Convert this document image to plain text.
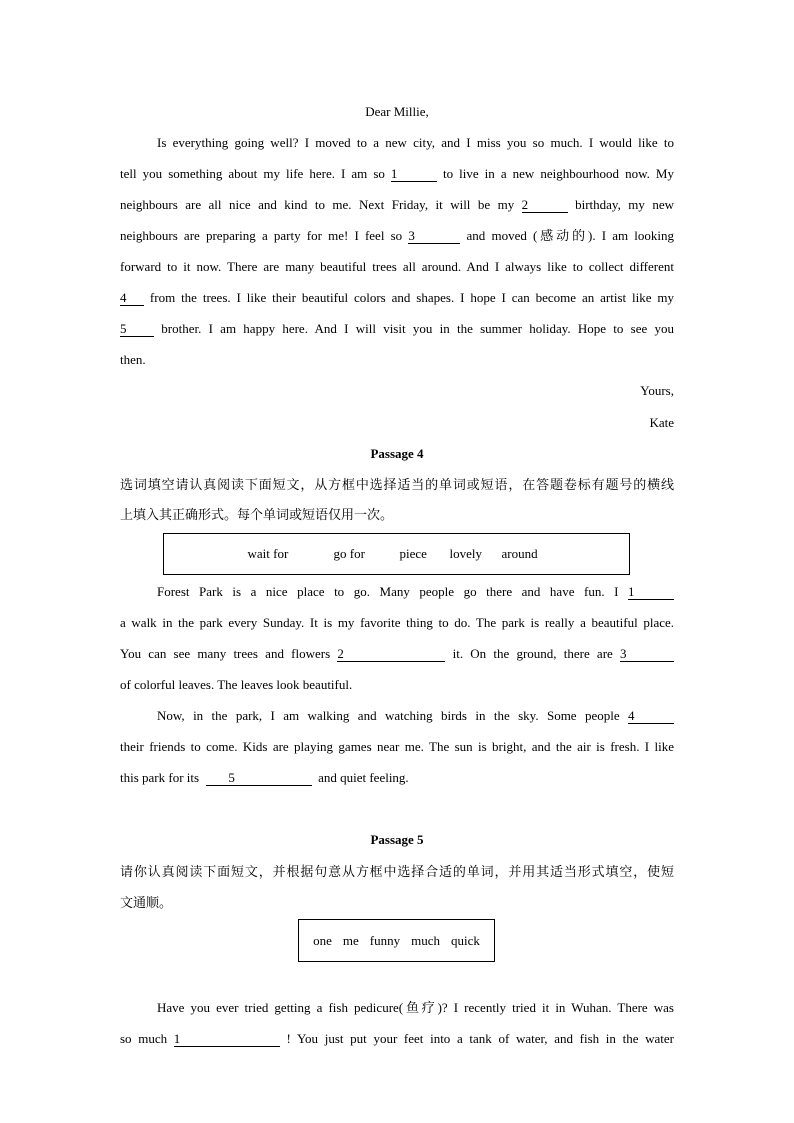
Dear Millie,
Is everything going well? I moved to a new city, and I miss you so much. I would like to
tell you something about my life here. I am so 1	to live in a new neighbourhood now. My
neighbours are all nice and kind to me. Next Friday, it will be my 2	birthday, my new
neighbours are preparing a party for me! I feel so 3	and moved (感动的). I am looking
forward to it now. There are many beautiful trees all around. And I always like to collect different
4 from the trees. I like their beautiful colors and shapes. I hope I can become an artist like my
5	brother. I am happy here. And I will visit you in the summer holiday. Hope to see you
then.
Yours,
Kate
Passage 4
选词填空请认真阅读下面短文，从方框中选择适当的单词或短语，在答题卷标有题号的横线
上填入其正确形式。每个单词或短语仅用一次。
wait for	go for	piece	lovely around
Forest Park is a nice place to go. Many people go there and have fun. I 1
a walk in the park every Sunday. It is my favorite thing to do. The park is really a beautiful place.
You can see many trees and flowers 2	it. On the ground, there are 3
of colorful leaves. The leaves look beautiful.
Now, in the park, I am walking and watching birds in the sky. Some people 4
their friends to come. Kids are playing games near me. The sun is bright, and the air is fresh. I like
this park for its 5	and quiet feeling.
Passage 5
请你认真阅读下面短文，并根据句意从方框中选择合适的单词，并用其适当形式填空，使短
文通顺。
one me funny much quick
Have you ever tried getting a fish pedicure(鱼疗)? I recently tried it in Wuhan. There was
so much 1	! You just put your feet into a tank of water, and fish in the water
